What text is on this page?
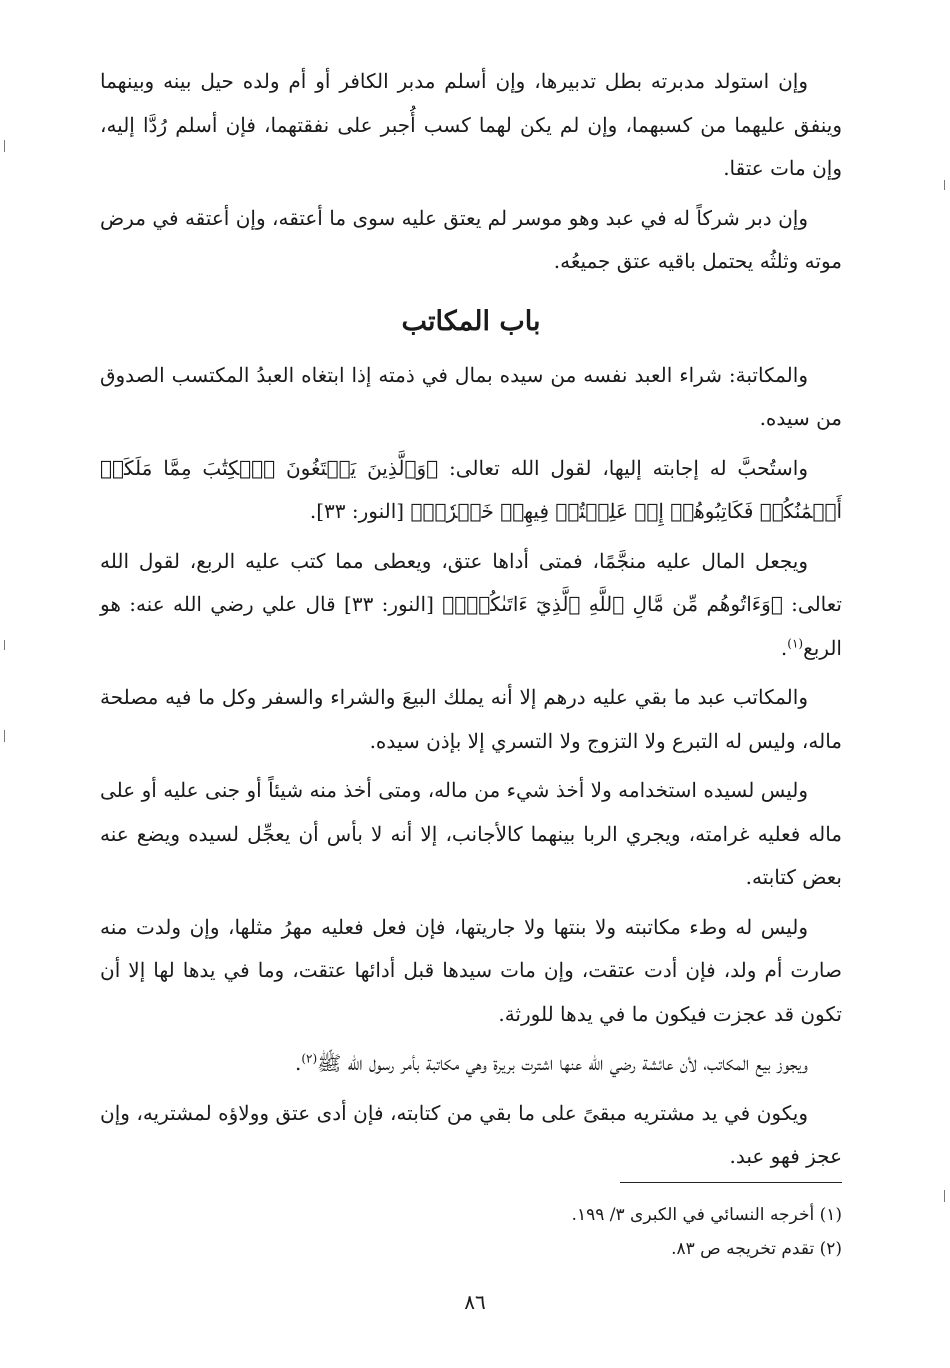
وإن استولد مدبرته بطل تدبيرها، وإن أسلم مدبر الكافر أو أم ولده حيل بينه وبينهما وينفق عليهما من كسبهما، وإن لم يكن لهما كسب أُجبر على نفقتهما، فإن أسلم رُدَّا إليه، وإن مات عتقا.

وإن دبر شركاً له في عبد وهو موسر لم يعتق عليه سوى ما أعتقه، وإن أعتقه في مرض موته وثلثُه يحتمل باقيه عتق جميعُه.

باب المكاتب

والمكاتبة: شراء العبد نفسه من سيده بمال في ذمته إذا ابتغاه العبدُ المكتسب الصدوق من سيده.

واستُحبَّ له إجابته إليها، لقول الله تعالى: ﴿وَٱلَّذِينَ يَبۡتَغُونَ ٱلۡكِتَٰبَ مِمَّا مَلَكَتۡ أَيۡمَٰنُكُمۡ فَكَاتِبُوهُمۡ إِنۡ عَلِمۡتُمۡ فِيهِمۡ خَيۡرٗاۖ﴾ [النور: ٣٣].

ويجعل المال عليه منجَّمًا، فمتى أداها عتق، ويعطى مما كتب عليه الربع، لقول الله تعالى: ﴿وَءَاتُوهُم مِّن مَّالِ ٱللَّهِ ٱلَّذِيٓ ءَاتَىٰكُمۡۚ﴾ [النور: ٣٣] قال علي رضي الله عنه: هو الربع$^{(١)}$.

والمكاتب عبد ما بقي عليه درهم إلا أنه يملك البيعَ والشراء والسفر وكل ما فيه مصلحة ماله، وليس له التبرع ولا التزوج ولا التسري إلا بإذن سيده.

وليس لسيده استخدامه ولا أخذ شيء من ماله، ومتى أخذ منه شيئاً أو جنى عليه أو على ماله فعليه غرامته، ويجري الربا بينهما كالأجانب، إلا أنه لا بأس أن يعجِّل لسيده ويضع عنه بعض كتابته.

وليس له وطء مكاتبته ولا بنتها ولا جاريتها، فإن فعل فعليه مهرُ مثلها، وإن ولدت منه صارت أم ولد، فإن أدت عتقت، وإن مات سيدها قبل أدائها عتقت، وما في يدها لها إلا أن تكون قد عجزت فيكون ما في يدها للورثة.

ويجوز بيع المكاتب، لأن عائشة رضي الله عنها اشترت بريرة وهي مكاتبة بأمر رسول الله ﷺ$^{(٢)}$.

ويكون في يد مشتريه مبقىً على ما بقي من كتابته، فإن أدى عتق وولاؤه لمشتريه، وإن عجز فهو عبد.

(١) أخرجه النسائي في الكبرى ٣/ ١٩٩.

(٢) تقدم تخريجه ص ٨٣.

٨٦
